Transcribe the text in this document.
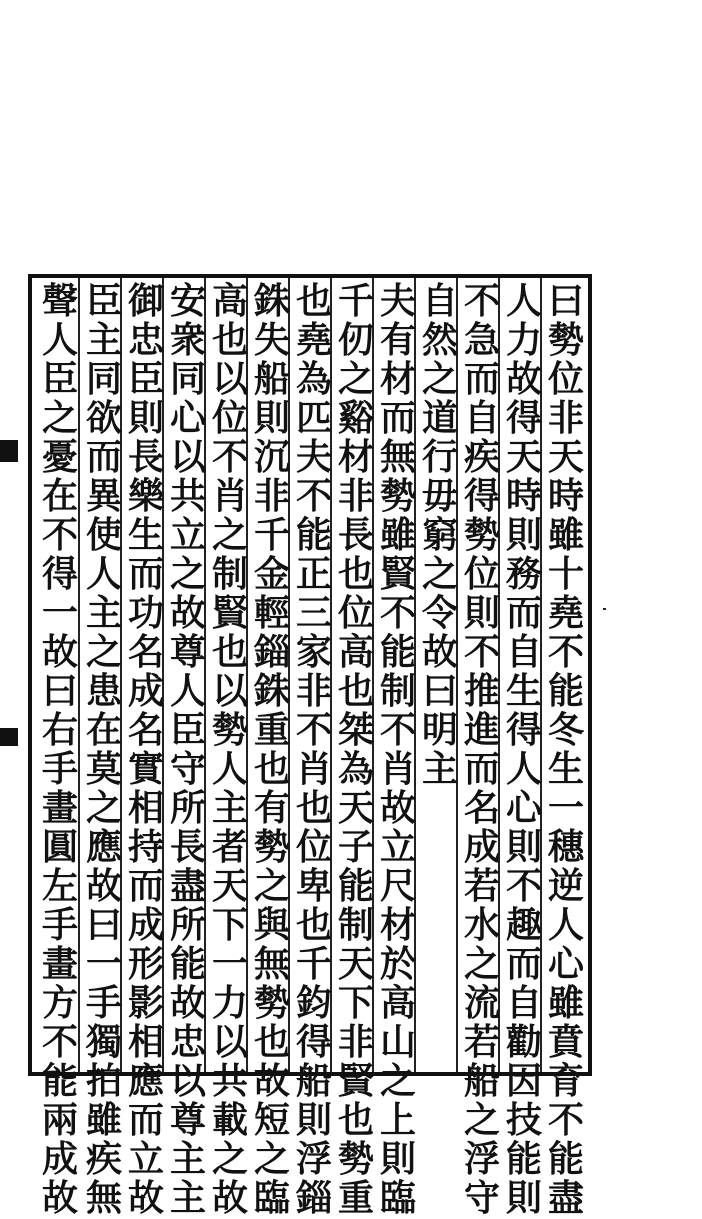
曰
勢
位
非
天
時
雖
十
堯
不
能
冬
生
一
穗
逆
人
心
雖
賁
育
不
能
盡
人
力
故
得
天
時
則
務
而
自
生
得
人
心
則
不
趣
而
自
勸
因
技
能
則
不
急
而
自
疾
得
勢
位
則
不
推
進
而
名
成
若
水
之
流
若
船
之
浮
守
自
然
之
道
行
毋
窮
之
令
故
曰
明
主
夫
有
材
而
無
勢
雖
賢
不
能
制
不
肖
故
立
尺
材
於
高
山
之
上
則
臨
千
仞
之
谿
材
非
長
也
位
高
也
桀
為
天
子
能
制
天
下
非
賢
也
勢
重
也
堯
為
匹
夫
不
能
正
三
家
非
不
肖
也
位
卑
也
千
鈞
得
船
則
浮
錙
銖
失
船
則
沉
非
千
金
輕
錙
銖
重
也
有
勢
之
與
無
勢
也
故
短
之
臨
高
也
以
位
不
肖
之
制
賢
也
以
勢
人
主
者
天
下
一
力
以
共
載
之
故
安
衆
同
心
以
共
立
之
故
尊
人
臣
守
所
長
盡
所
能
故
忠
以
尊
主
主
御
忠
臣
則
長
樂
生
而
功
名
成
名
實
相
持
而
成
形
影
相
應
而
立
故
臣
主
同
欲
而
異
使
人
主
之
患
在
莫
之
應
故
曰
一
手
獨
拍
雖
疾
無
聲
人
臣
之
憂
在
不
得
一
故
曰
右
手
畫
圓
左
手
畫
方
不
能
兩
成
故
